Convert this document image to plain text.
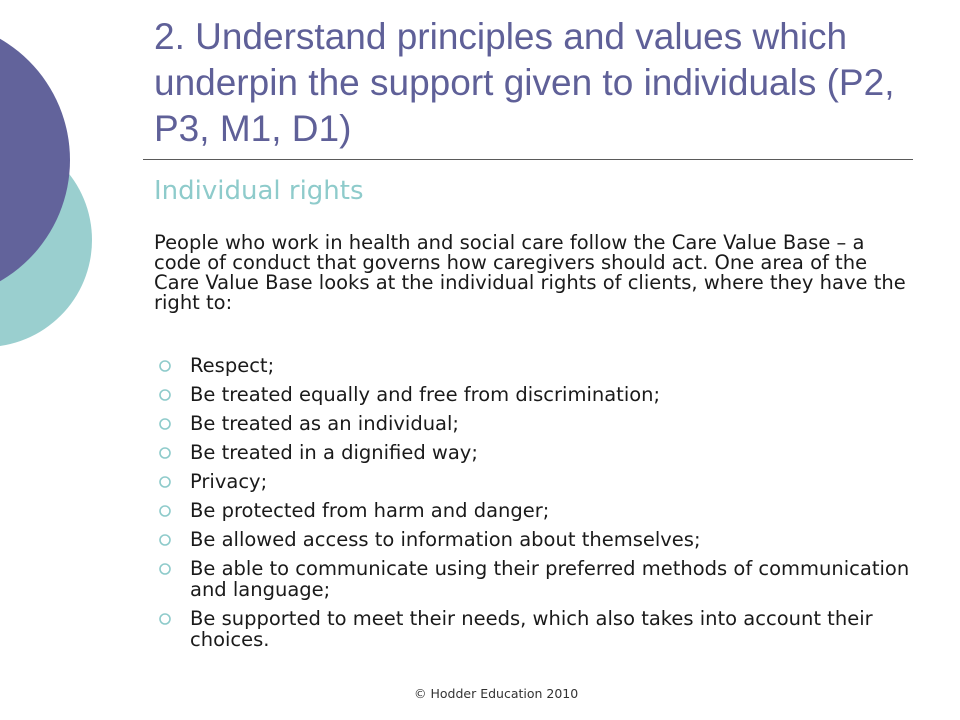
2. Understand principles and values which underpin the support given to individuals (P2, P3, M1, D1)
Individual rights

People who work in health and social care follow the Care Value Base – a code of conduct that governs how caregivers should act. One area of the Care Value Base looks at the individual rights of clients, where they have the right to:

Respect;
Be treated equally and free from discrimination;
Be treated as an individual;
Be treated in a dignified way;
Privacy;
Be protected from harm and danger;
Be allowed access to information about themselves;
Be able to communicate using their preferred methods of communication and language;
Be supported to meet their needs, which also takes into account their choices.

© Hodder Education 2010
